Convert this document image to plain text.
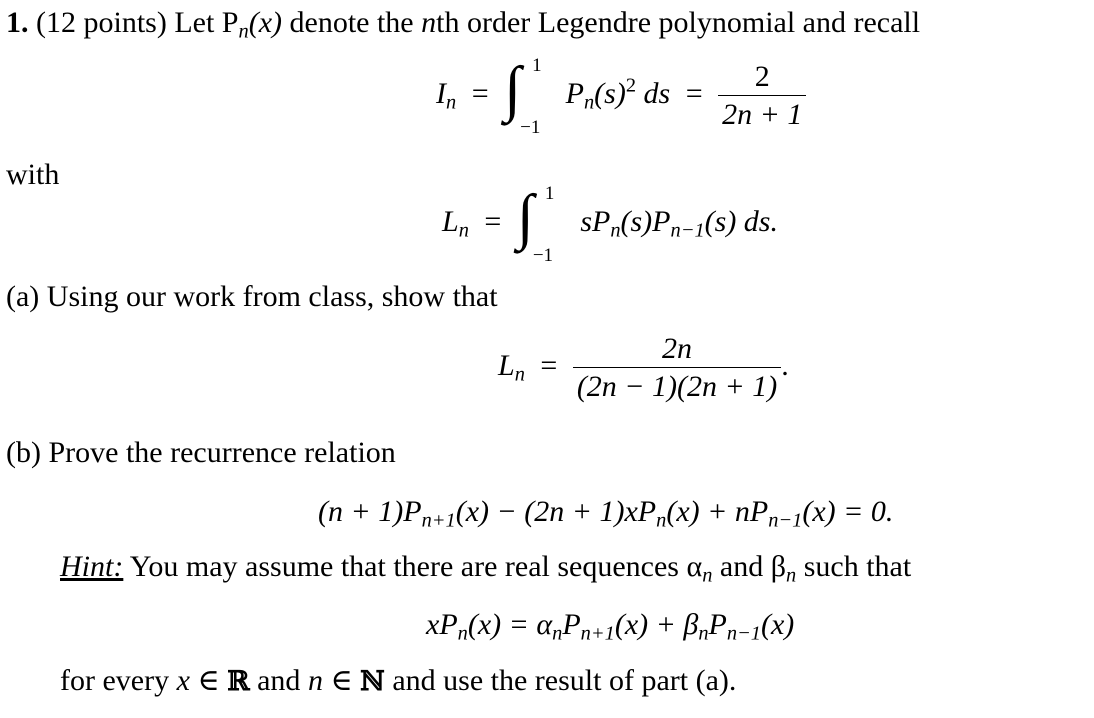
1. (12 points) Let $P_n(x)$ denote the nth order Legendre polynomial and recall
$I_n$ = ∫ 1
−1
$P_n(s)^2$ ds = $\frac{2}{2n + 1}$
with
$L_n$ = ∫ 1
−1
$sP_n(s)P_{n-1}(s)$ ds.
(a) Using our work from class, show that
$L_n = \frac{2n}{(2n - 1)(2n + 1)}$ .
(b) Prove the recurrence relation
$(n + 1)P_{n+1}(x) - (2n + 1)xP_n(x) + nP_{n-1}(x) = 0$.
Hint: You may assume that there are real sequences $\alpha_n$ and $\beta_n$ such that
$xP_n(x) = \alpha_nP_{n+1}(x) + \beta_nP_{n-1}(x)$
for every x ∈ ℝ and n ∈ ℕ and use the result of part (a).
